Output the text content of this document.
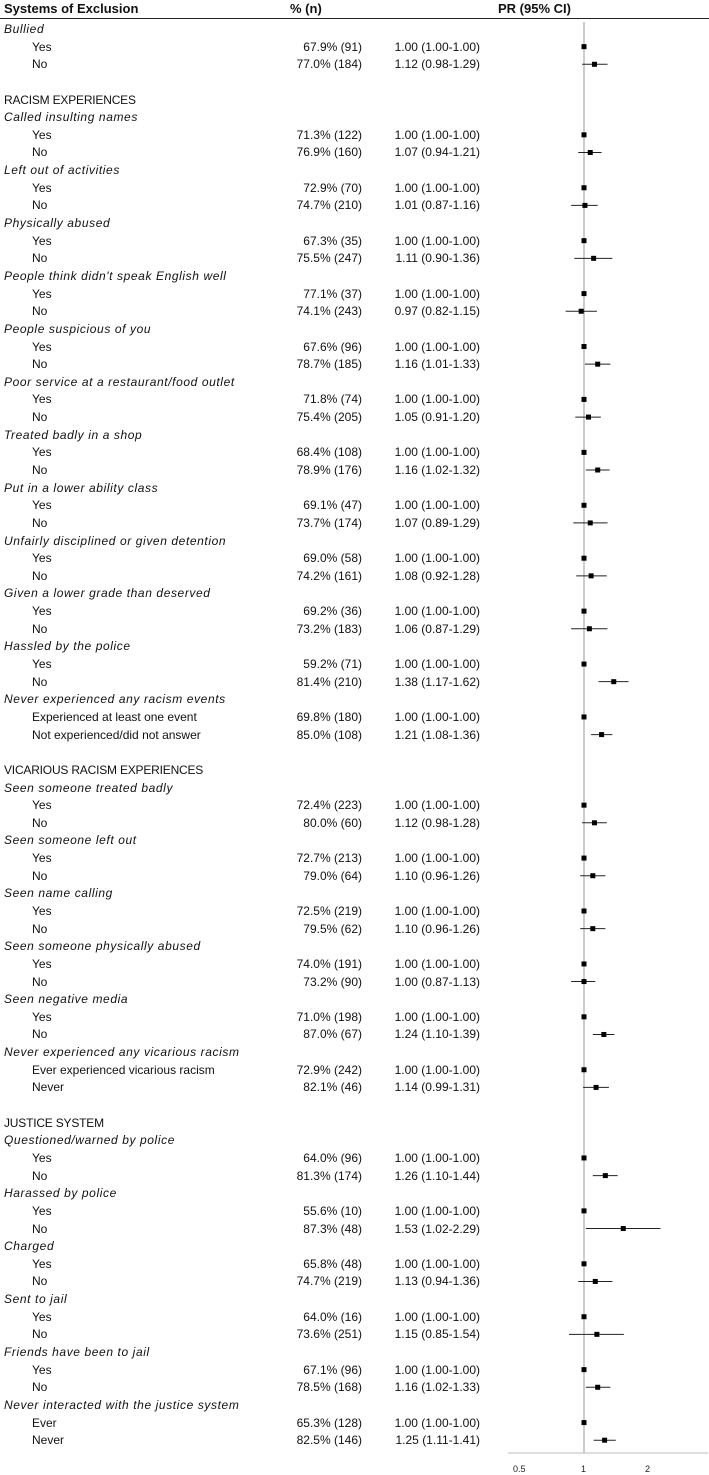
Systems of Exclusion	% (n)	PR (95% CI)
Bullied
Yes	67.9% (91)	1.00 (1.00-1.00)
No	77.0% (184)	1.12 (0.98-1.29)
RACISM EXPERIENCES
Called insulting names
Yes	71.3% (122)	1.00 (1.00-1.00)
No	76.9% (160)	1.07 (0.94-1.21)
Left out of activities
Yes	72.9% (70)	1.00 (1.00-1.00)
No	74.7% (210)	1.01 (0.87-1.16)
Physically abused
Yes	67.3% (35)	1.00 (1.00-1.00)
No	75.5% (247)	1.11 (0.90-1.36)
People think didn't speak English well
Yes	77.1% (37)	1.00 (1.00-1.00)
No	74.1% (243)	0.97 (0.82-1.15)
People suspicious of you
Yes	67.6% (96)	1.00 (1.00-1.00)
No	78.7% (185)	1.16 (1.01-1.33)
Poor service at a restaurant/food outlet
Yes	71.8% (74)	1.00 (1.00-1.00)
No	75.4% (205)	1.05 (0.91-1.20)
Treated badly in a shop
Yes	68.4% (108)	1.00 (1.00-1.00)
No	78.9% (176)	1.16 (1.02-1.32)
Put in a lower ability class
Yes	69.1% (47)	1.00 (1.00-1.00)
No	73.7% (174)	1.07 (0.89-1.29)
Unfairly disciplined or given detention
Yes	69.0% (58)	1.00 (1.00-1.00)
No	74.2% (161)	1.08 (0.92-1.28)
Given a lower grade than deserved
Yes	69.2% (36)	1.00 (1.00-1.00)
No	73.2% (183)	1.06 (0.87-1.29)
Hassled by the police
Yes	59.2% (71)	1.00 (1.00-1.00)
No	81.4% (210)	1.38 (1.17-1.62)
Never experienced any racism events
Experienced at least one event	69.8% (180)	1.00 (1.00-1.00)
Not experienced/did not answer	85.0% (108)	1.21 (1.08-1.36)
VICARIOUS RACISM EXPERIENCES
Seen someone treated badly
Yes	72.4% (223)	1.00 (1.00-1.00)
No	80.0% (60)	1.12 (0.98-1.28)
Seen someone left out
Yes	72.7% (213)	1.00 (1.00-1.00)
No	79.0% (64)	1.10 (0.96-1.26)
Seen name calling
Yes	72.5% (219)	1.00 (1.00-1.00)
No	79.5% (62)	1.10 (0.96-1.26)
Seen someone physically abused
Yes	74.0% (191)	1.00 (1.00-1.00)
No	73.2% (90)	1.00 (0.87-1.13)
Seen negative media
Yes	71.0% (198)	1.00 (1.00-1.00)
No	87.0% (67)	1.24 (1.10-1.39)
Never experienced any vicarious racism
Ever experienced vicarious racism	72.9% (242)	1.00 (1.00-1.00)
Never	82.1% (46)	1.14 (0.99-1.31)
JUSTICE SYSTEM
Questioned/warned by police
Yes	64.0% (96)	1.00 (1.00-1.00)
No	81.3% (174)	1.26 (1.10-1.44)
Harassed by police
Yes	55.6% (10)	1.00 (1.00-1.00)
No	87.3% (48)	1.53 (1.02-2.29)
Charged
Yes	65.8% (48)	1.00 (1.00-1.00)
No	74.7% (219)	1.13 (0.94-1.36)
Sent to jail
Yes	64.0% (16)	1.00 (1.00-1.00)
No	73.6% (251)	1.15 (0.85-1.54)
Friends have been to jail
Yes	67.1% (96)	1.00 (1.00-1.00)
No	78.5% (168)	1.16 (1.02-1.33)
Never interacted with the justice system
Ever	65.3% (128)	1.00 (1.00-1.00)
Never	82.5% (146)	1.25 (1.11-1.41)
0.5	1	2
